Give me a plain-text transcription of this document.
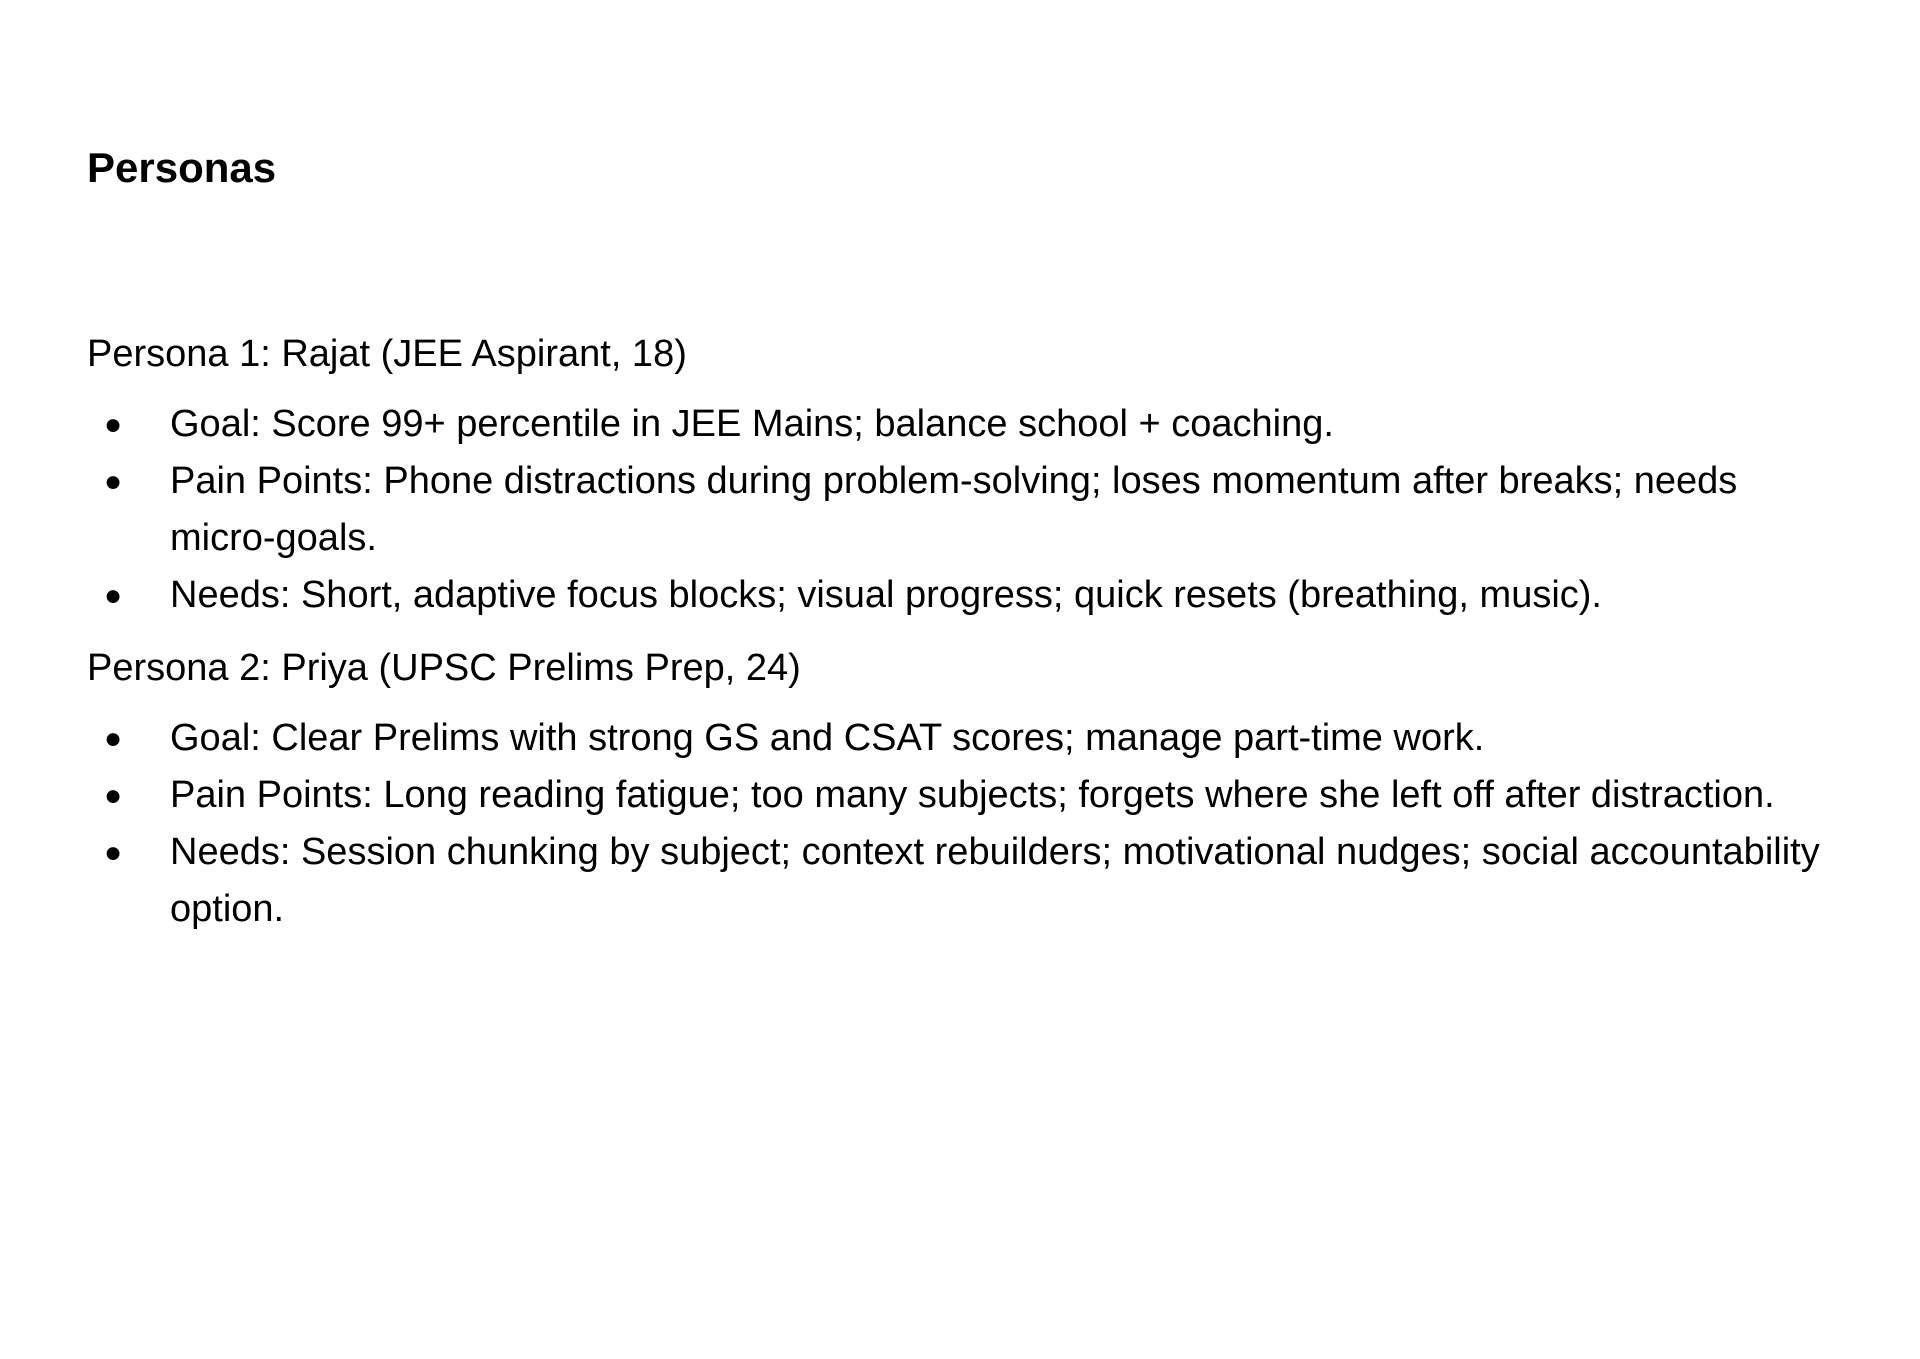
Personas

Persona 1: Rajat (JEE Aspirant, 18)

● Goal: Score 99+ percentile in JEE Mains; balance school + coaching.
● Pain Points: Phone distractions during problem-solving; loses momentum after breaks; needs micro-goals.
● Needs: Short, adaptive focus blocks; visual progress; quick resets (breathing, music).

Persona 2: Priya (UPSC Prelims Prep, 24)

● Goal: Clear Prelims with strong GS and CSAT scores; manage part-time work.
● Pain Points: Long reading fatigue; too many subjects; forgets where she left off after distraction.
● Needs: Session chunking by subject; context rebuilders; motivational nudges; social accountability option.
